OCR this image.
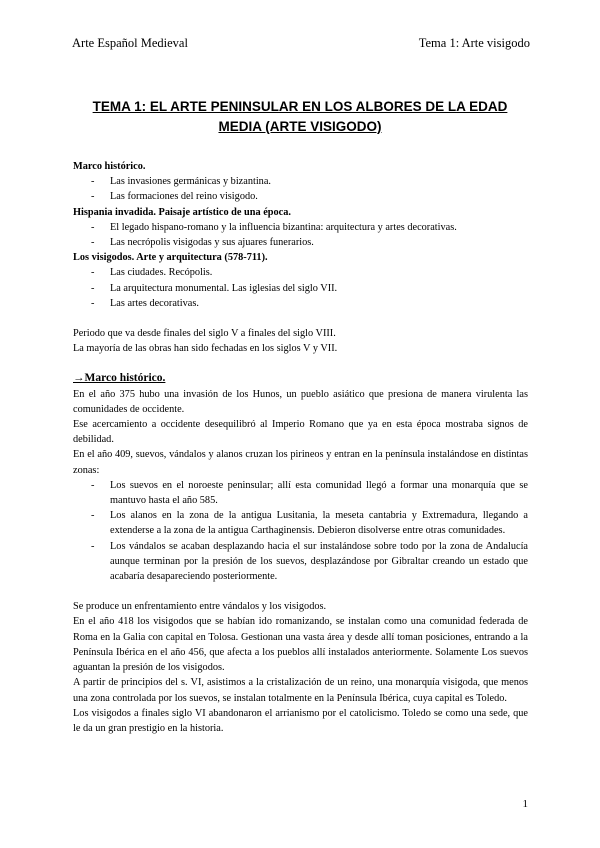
Arte Español Medieval	Tema 1: Arte visigodo
TEMA 1: EL ARTE PENINSULAR EN LOS ALBORES DE LA EDAD
MEDIA (ARTE VISIGODO)

Marco histórico.

- Las invasiones germánicas y bizantina.
- Las formaciones del reino visigodo.

Hispania invadida. Paisaje artístico de una época.

- El legado hispano-romano y la influencia bizantina: arquitectura y artes decorativas.
- Las necrópolis visigodas y sus ajuares funerarios.

Los visigodos. Arte y arquitectura (578-711).

- Las ciudades. Recópolis.
- La arquitectura monumental. Las iglesias del siglo VII.
- Las artes decorativas.

Periodo que va desde finales del siglo V a finales del siglo VIII.

La mayoría de las obras han sido fechadas en los siglos V y VII.

→Marco histórico.

En el año 375 hubo una invasión de los Hunos, un pueblo asiático que presiona de manera virulenta las comunidades de occidente.

Ese acercamiento a occidente desequilibró al Imperio Romano que ya en esta época mostraba signos de debilidad.

En el año 409, suevos, vándalos y alanos cruzan los pirineos y entran en la península instalándose en distintas zonas:

- Los suevos en el noroeste peninsular; allí esta comunidad llegó a formar una monarquía que se mantuvo hasta el año 585.
- Los alanos en la zona de la antigua Lusitania, la meseta cantabria y Extremadura, llegando a extenderse a la zona de la antigua Carthaginensis. Debieron disolverse entre otras comunidades.
- Los vándalos se acaban desplazando hacia el sur instalándose sobre todo por la zona de Andalucía aunque terminan por la presión de los suevos, desplazándose por Gibraltar creando un estado que acabaría desapareciendo posteriormente.

Se produce un enfrentamiento entre vándalos y los visigodos.

En el año 418 los visigodos que se habían ido romanizando, se instalan como una comunidad federada de Roma en la Galia con capital en Tolosa. Gestionan una vasta área y desde allí toman posiciones, entrando a la Península Ibérica en el año 456, que afecta a los pueblos allí instalados anteriormente. Solamente Los suevos aguantan la presión de los visigodos.

A partir de principios del s. VI, asistimos a la cristalización de un reino, una monarquía visigoda, que menos una zona controlada por los suevos, se instalan totalmente en la Península Ibérica, cuya capital es Toledo.

Los visigodos a finales siglo VI abandonaron el arrianismo por el catolicismo. Toledo se como una sede, que le da un gran prestigio en la historia.

1
